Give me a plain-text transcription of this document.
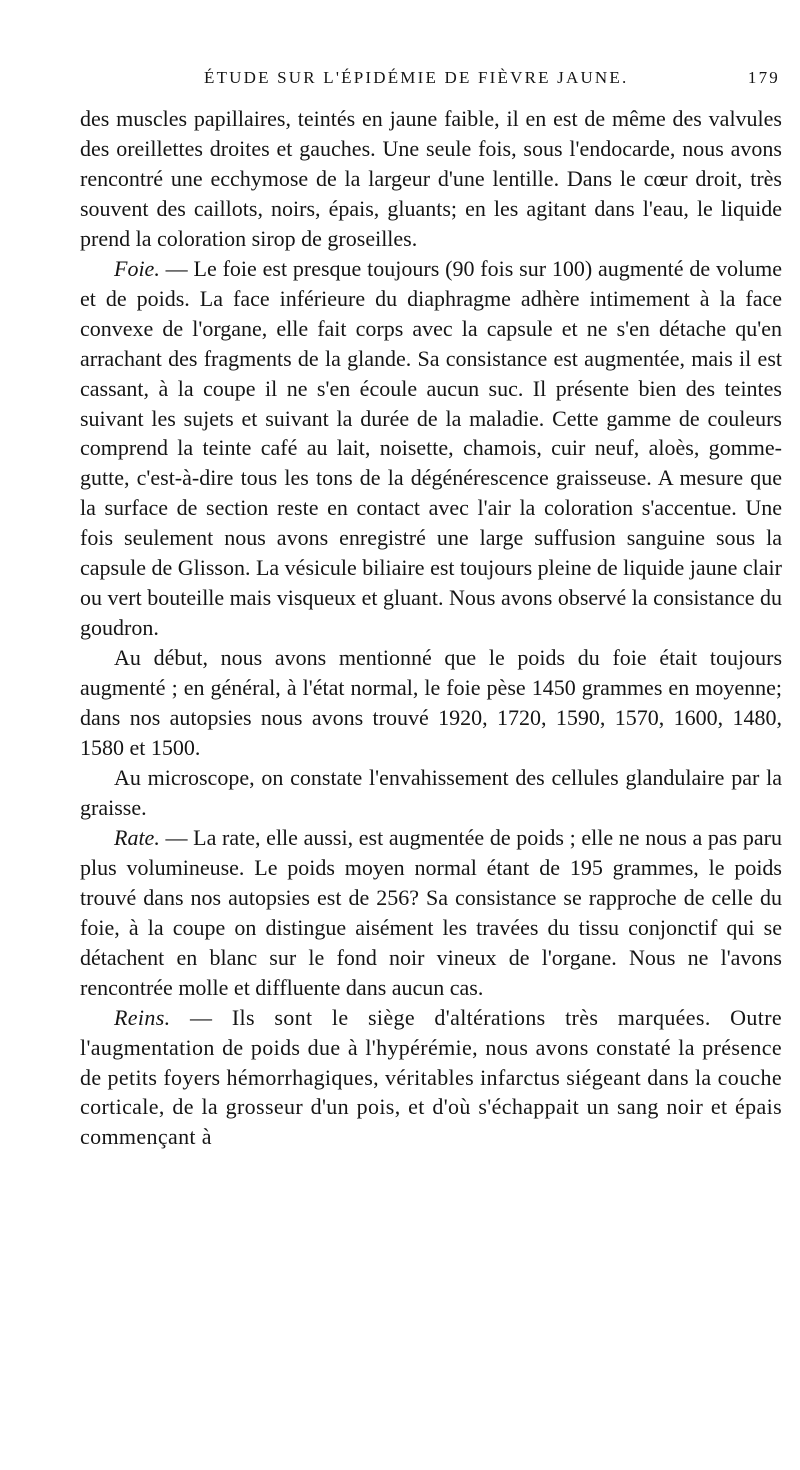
ÉTUDE SUR L'ÉPIDÉMIE DE FIÈVRE JAUNE.	179

des muscles papillaires, teintés en jaune faible, il en est de même des valvules des oreillettes droites et gauches. Une seule fois, sous l'endocarde, nous avons rencontré une ecchymose de la largeur d'une lentille. Dans le cœur droit, très souvent des caillots, noirs, épais, gluants; en les agitant dans l'eau, le liquide prend la coloration sirop de groseilles.

Foie. — Le foie est presque toujours (90 fois sur 100) augmenté de volume et de poids. La face inférieure du diaphragme adhère intimement à la face convexe de l'organe, elle fait corps avec la capsule et ne s'en détache qu'en arrachant des fragments de la glande. Sa consistance est augmentée, mais il est cassant, à la coupe il ne s'en écoule aucun suc. Il présente bien des teintes suivant les sujets et suivant la durée de la maladie. Cette gamme de couleurs comprend la teinte café au lait, noisette, chamois, cuir neuf, aloès, gomme-gutte, c'est-à-dire tous les tons de la dégénérescence graisseuse. A mesure que la surface de section reste en contact avec l'air la coloration s'accentue. Une fois seulement nous avons enregistré une large suffusion sanguine sous la capsule de Glisson. La vésicule biliaire est toujours pleine de liquide jaune clair ou vert bouteille mais visqueux et gluant. Nous avons observé la consistance du goudron.

Au début, nous avons mentionné que le poids du foie était toujours augmenté ; en général, à l'état normal, le foie pèse 1450 grammes en moyenne; dans nos autopsies nous avons trouvé 1920, 1720, 1590, 1570, 1600, 1480, 1580 et 1500.

Au microscope, on constate l'envahissement des cellules glandulaire par la graisse.

Rate. — La rate, elle aussi, est augmentée de poids ; elle ne nous a pas paru plus volumineuse. Le poids moyen normal étant de 195 grammes, le poids trouvé dans nos autopsies est de 256? Sa consistance se rapproche de celle du foie, à la coupe on distingue aisément les travées du tissu conjonctif qui se détachent en blanc sur le fond noir vineux de l'organe. Nous ne l'avons rencontrée molle et diffluente dans aucun cas.

Reins. — Ils sont le siège d'altérations très marquées. Outre l'augmentation de poids due à l'hypérémie, nous avons constaté la présence de petits foyers hémorrhagiques, véritables infarctus siégeant dans la couche corticale, de la grosseur d'un pois, et d'où s'échappait un sang noir et épais commençant à
